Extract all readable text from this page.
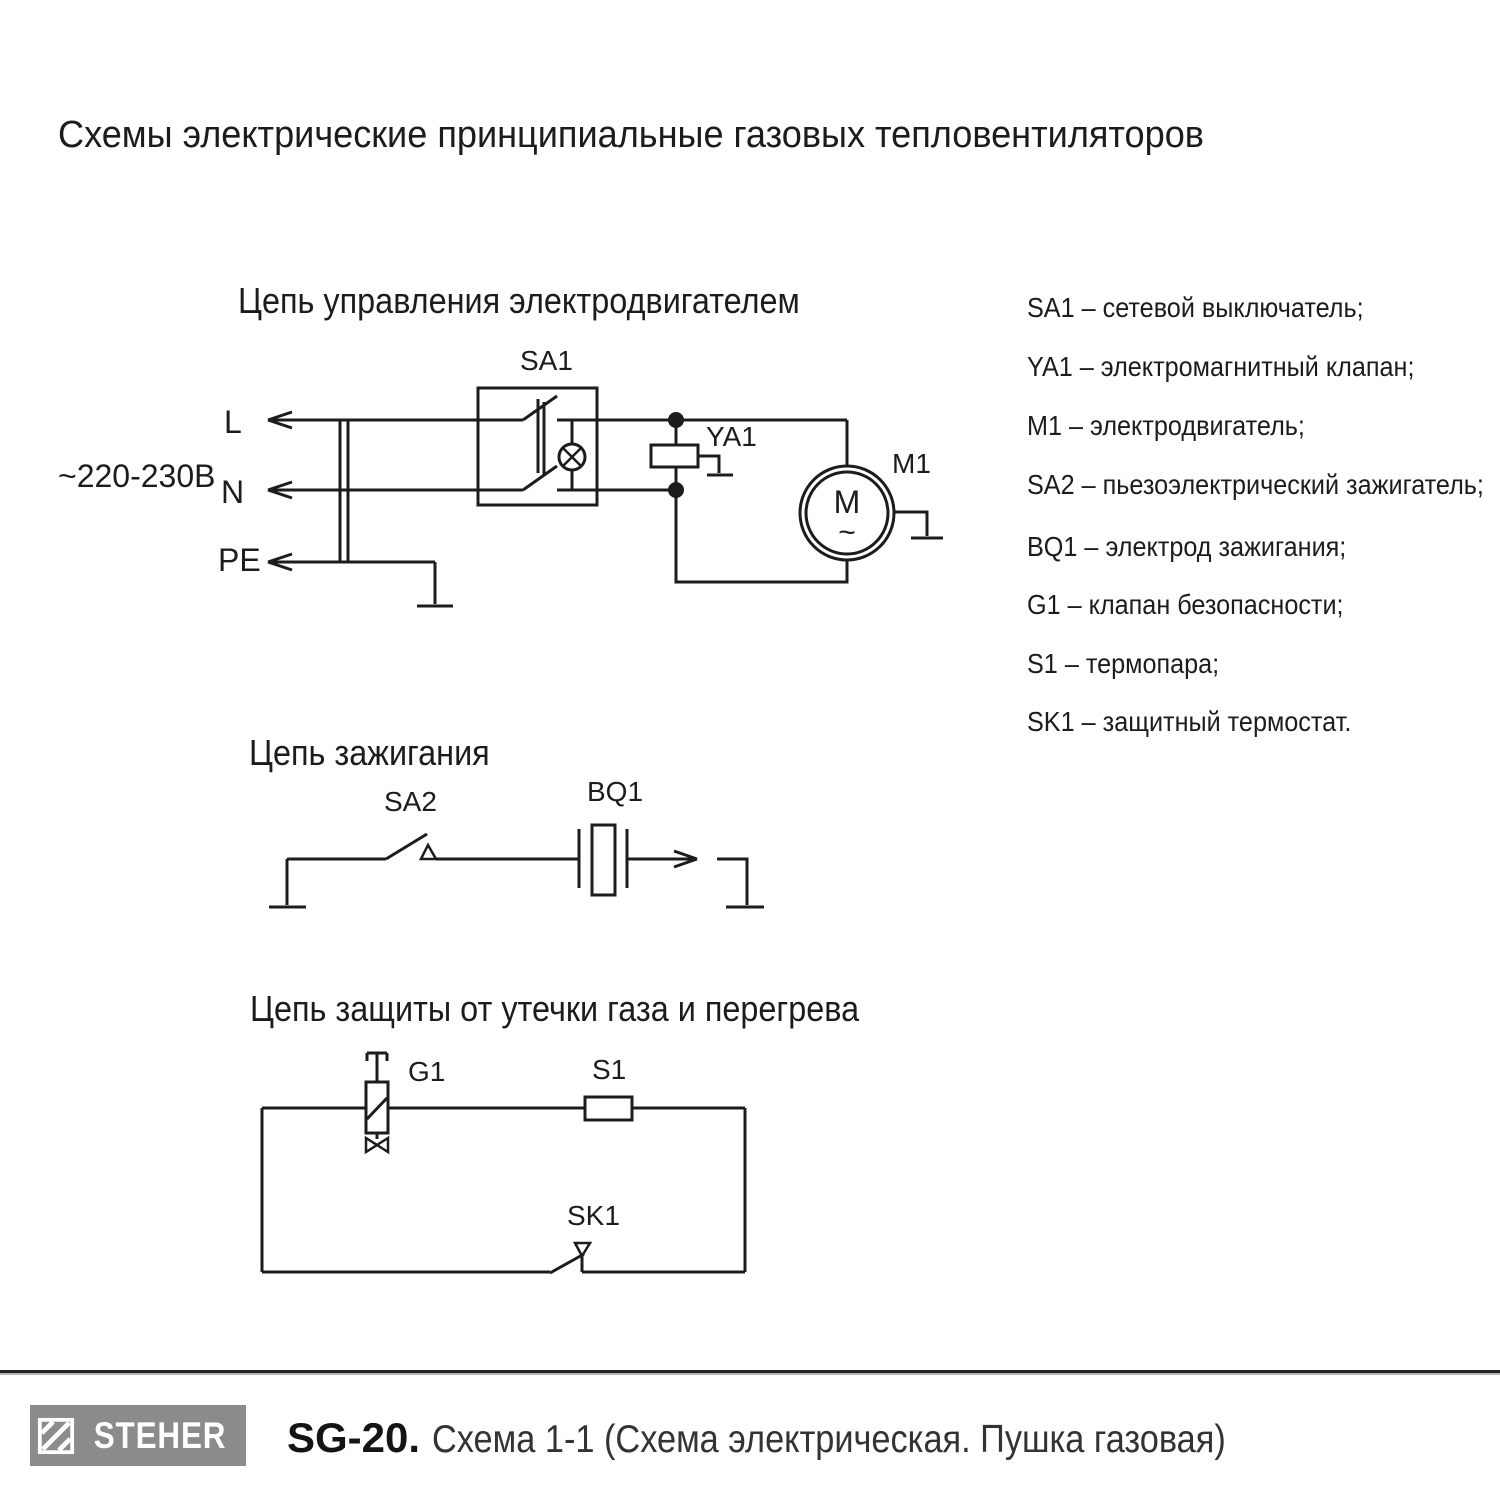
Схемы электрические принципиальные газовых тепловентиляторов
Цепь управления электродвигателем
~220-230В
L
N
PE
SA1
YA1
M1
M
~
SA1 – сетевой выключатель;
YA1 – электромагнитный клапан;
M1 – электродвигатель;
SA2 – пьезоэлектрический зажигатель;
BQ1 – электрод зажигания;
G1 – клапан безопасности;
S1 – термопара;
SK1 – защитный термостат.
Цепь зажигания
SA2	BQ1
Цепь защиты от утечки газа и перегрева
G1	S1
SK1
STEHER SG-20. Схема 1-1 (Схема электрическая. Пушка газовая)
